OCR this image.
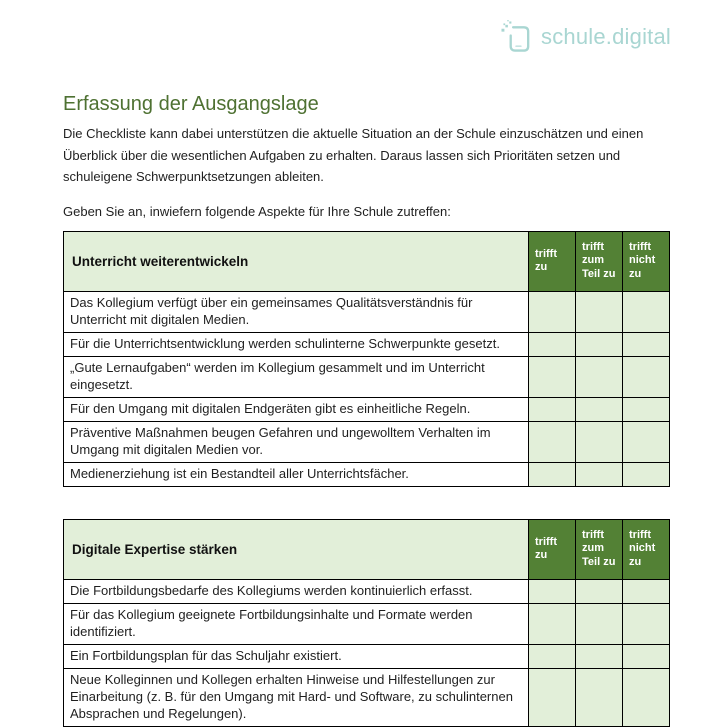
schule.digital
Erfassung der Ausgangslage

Die Checkliste kann dabei unterstützen die aktuelle Situation an der Schule einzuschätzen und einen Überblick über die wesentlichen Aufgaben zu erhalten. Daraus lassen sich Prioritäten setzen und schuleigene Schwerpunktsetzungen ableiten.

Geben Sie an, inwiefern folgende Aspekte für Ihre Schule zutreffen:

Unterricht weiterentwickeln	trifft zu	trifft zum Teil zu	trifft nicht zu
Das Kollegium verfügt über ein gemeinsames Qualitätsverständnis für Unterricht mit digitalen Medien.			
Für die Unterrichtsentwicklung werden schulinterne Schwerpunkte gesetzt.			
„Gute Lernaufgaben“ werden im Kollegium gesammelt und im Unterricht eingesetzt.			
Für den Umgang mit digitalen Endgeräten gibt es einheitliche Regeln.			
Präventive Maßnahmen beugen Gefahren und ungewolltem Verhalten im Umgang mit digitalen Medien vor.			
Medienerziehung ist ein Bestandteil aller Unterrichtsfächer.			
Digitale Expertise stärken	trifft zu	trifft zum Teil zu	trifft nicht zu
Die Fortbildungsbedarfe des Kollegiums werden kontinuierlich erfasst.			
Für das Kollegium geeignete Fortbildungsinhalte und Formate werden identifiziert.			
Ein Fortbildungsplan für das Schuljahr existiert.			
Neue Kolleginnen und Kollegen erhalten Hinweise und Hilfestellungen zur Einarbeitung (z. B. für den Umgang mit Hard- und Software, zu schulinternen Absprachen und Regelungen).			
